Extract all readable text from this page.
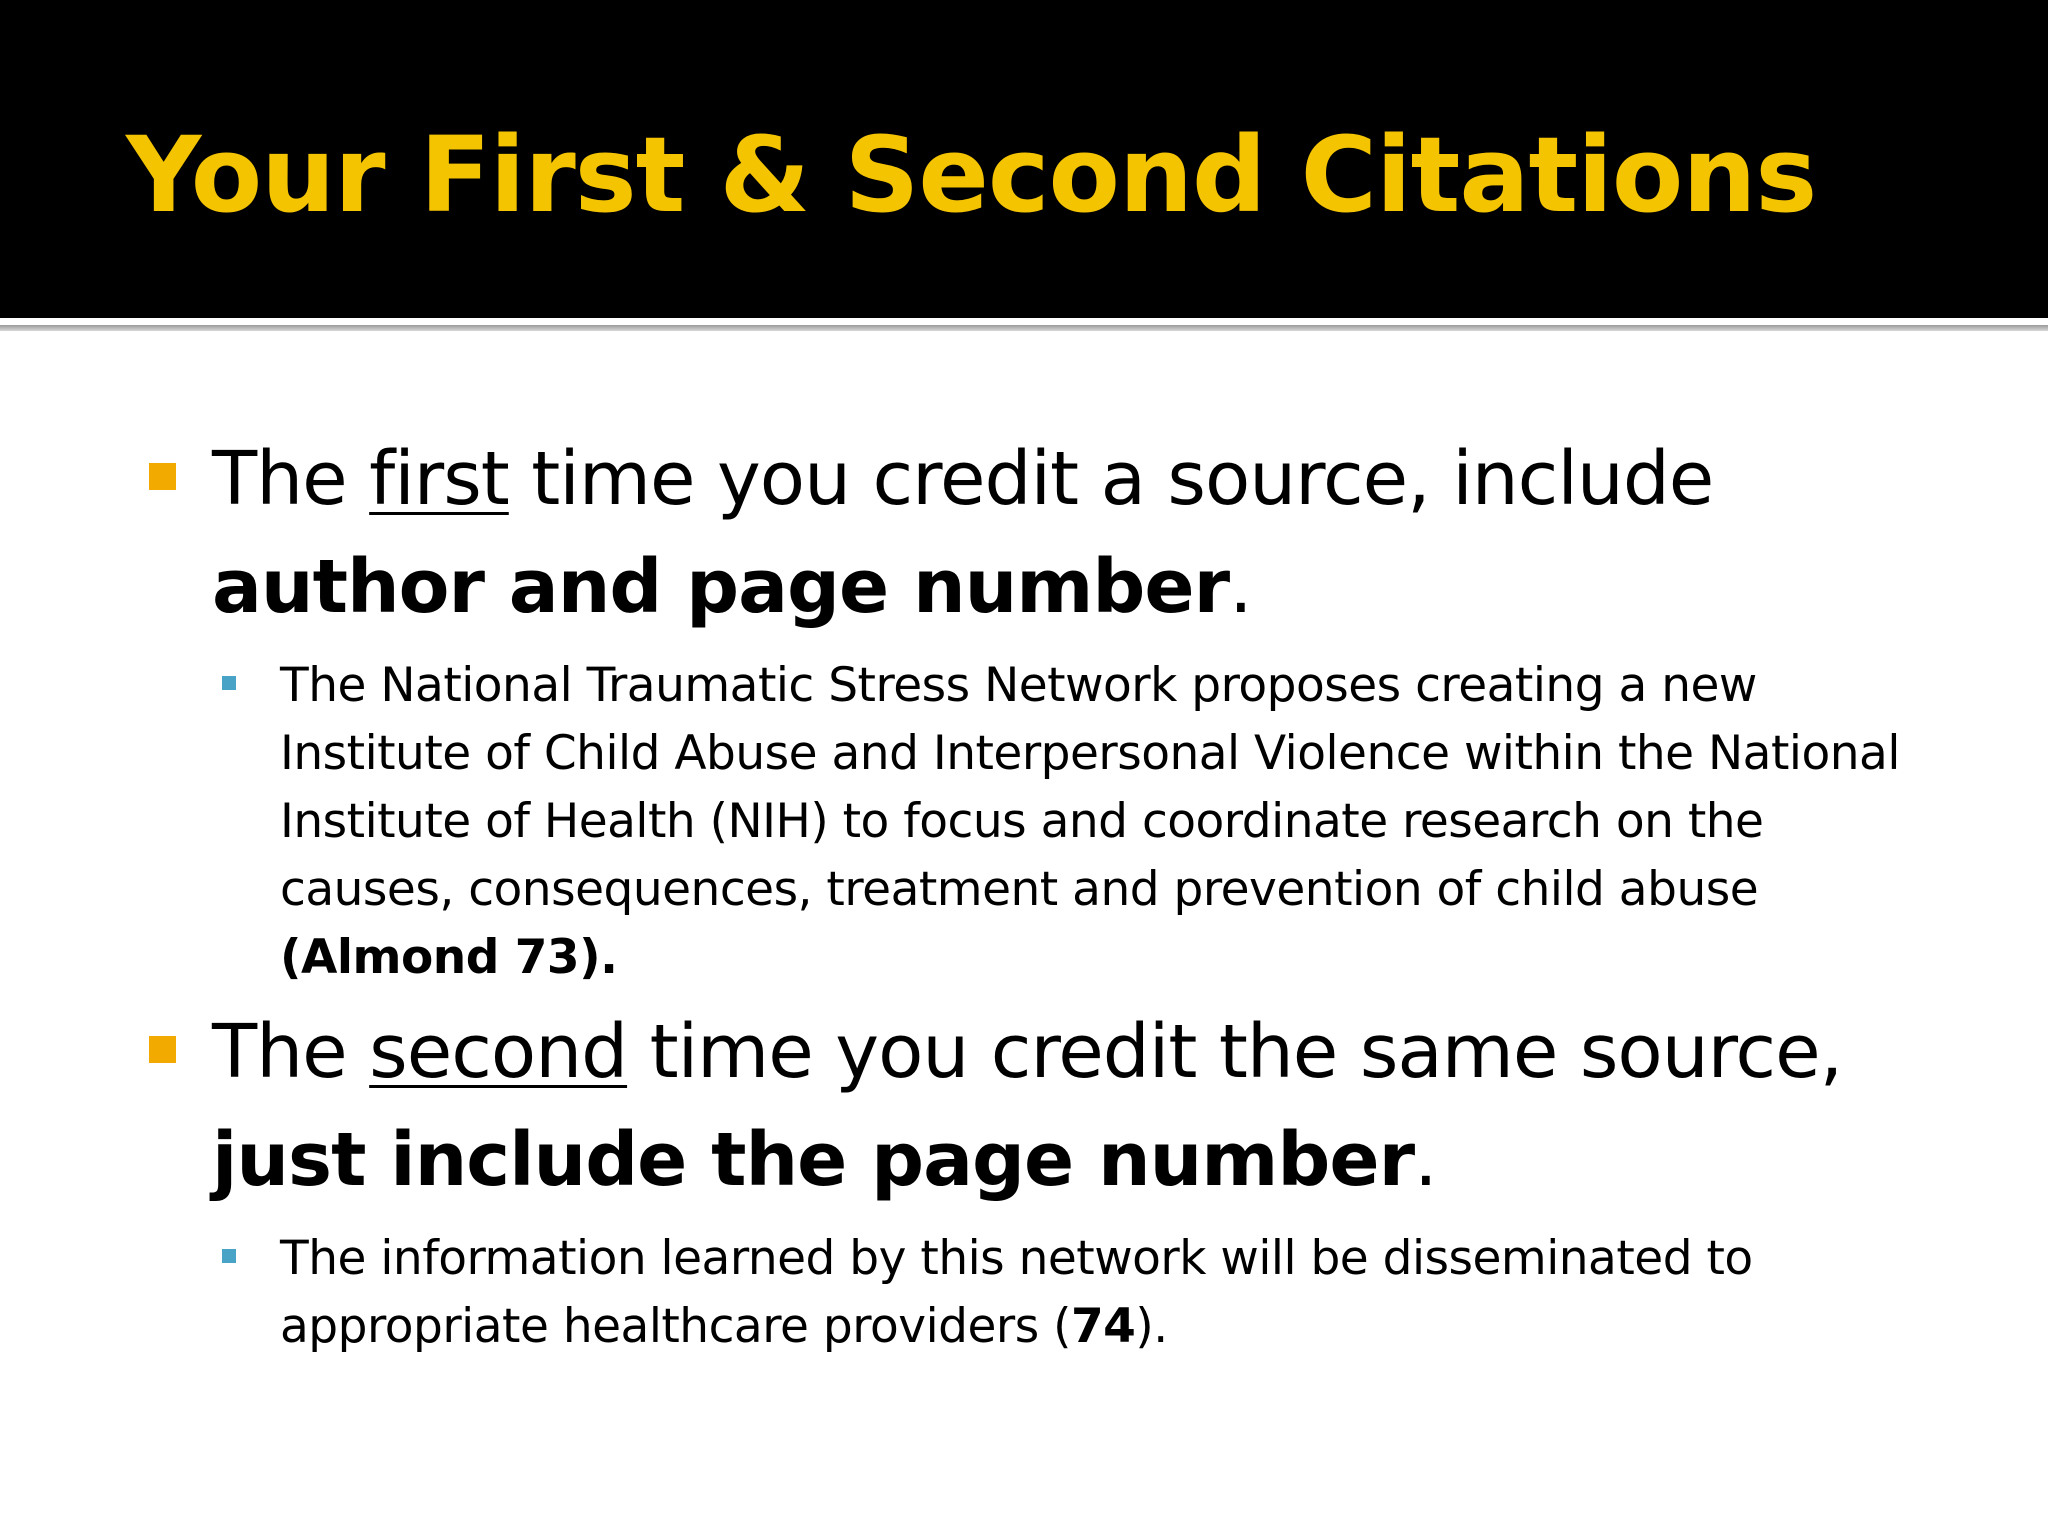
Your First & Second Citations

The first time you credit a source, include author and page number.

The National Traumatic Stress Network proposes creating a new Institute of Child Abuse and Interpersonal Violence within the National Institute of Health (NIH) to focus and coordinate research on the causes, consequences, treatment and prevention of child abuse (Almond 73).

The second time you credit the same source, just include the page number.

The information learned by this network will be disseminated to appropriate healthcare providers (74).
